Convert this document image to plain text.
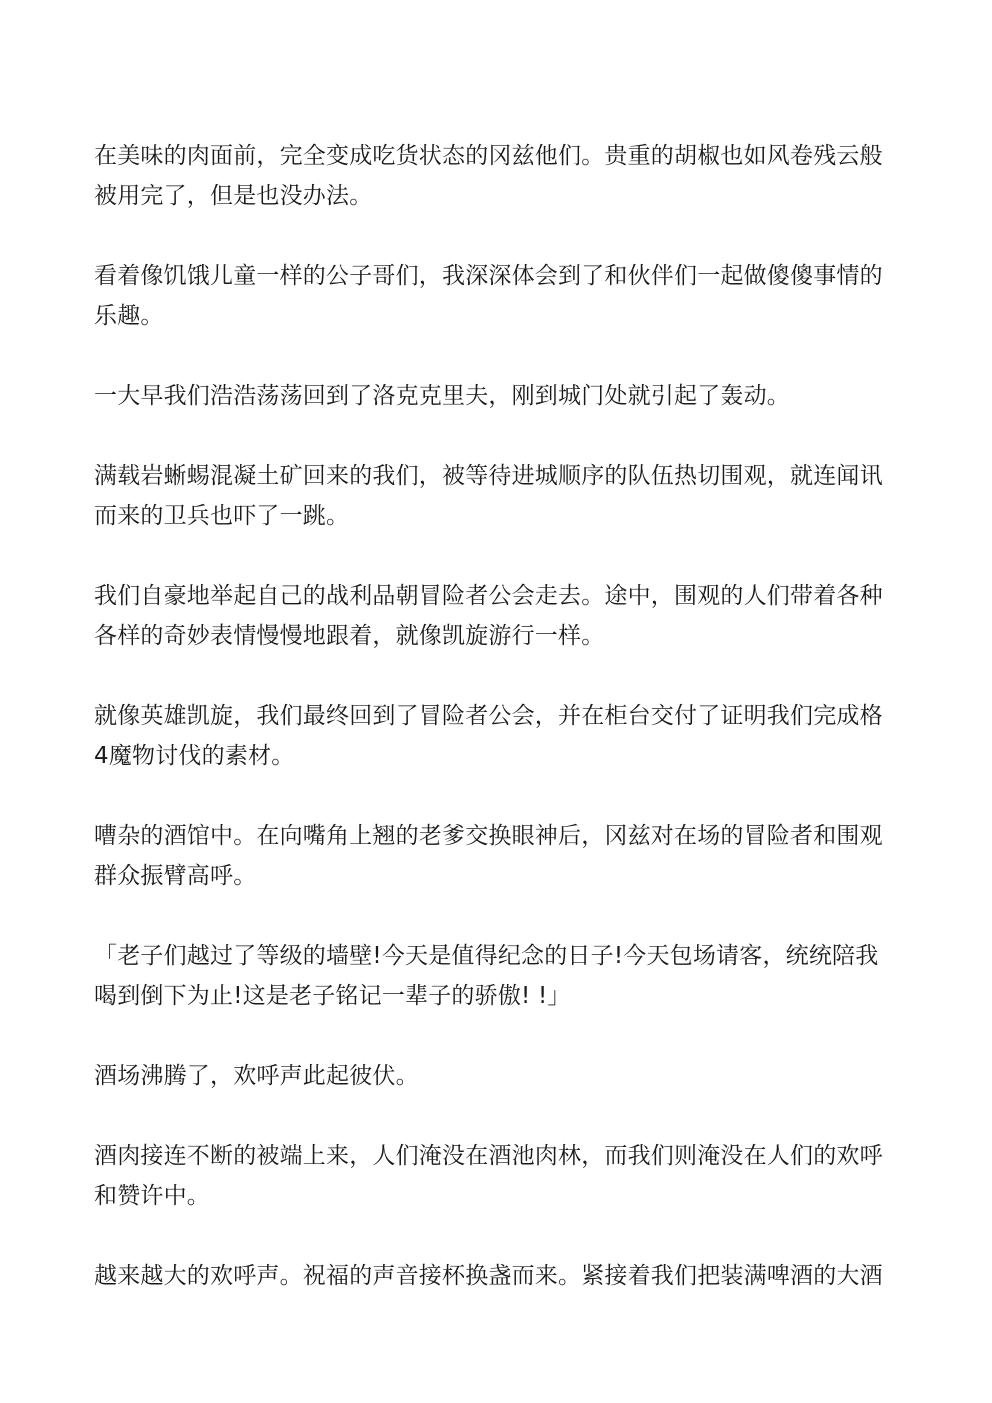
在美味的肉面前，完全变成吃货状态的冈兹他们。贵重的胡椒也如风卷残云般
被用完了，但是也没办法。

看着像饥饿儿童一样的公子哥们，我深深体会到了和伙伴们一起做傻傻事情的
乐趣。

一大早我们浩浩荡荡回到了洛克克里夫，刚到城门处就引起了轰动。

满载岩蜥蜴混凝土矿回来的我们，被等待进城顺序的队伍热切围观，就连闻讯
而来的卫兵也吓了一跳。

我们自豪地举起自己的战利品朝冒险者公会走去。途中，围观的人们带着各种
各样的奇妙表情慢慢地跟着，就像凯旋游行一样。

就像英雄凯旋，我们最终回到了冒险者公会，并在柜台交付了证明我们完成格
4魔物讨伐的素材。

嘈杂的酒馆中。在向嘴角上翘的老爹交换眼神后，冈兹对在场的冒险者和围观
群众振臂高呼。

「老子们越过了等级的墙壁!今天是值得纪念的日子!今天包场请客，统统陪我
喝到倒下为止!这是老子铭记一辈子的骄傲! !」

酒场沸腾了，欢呼声此起彼伏。

酒肉接连不断的被端上来，人们淹没在酒池肉林，而我们则淹没在人们的欢呼
和赞许中。

越来越大的欢呼声。祝福的声音接杯换盏而来。紧接着我们把装满啤酒的大酒
